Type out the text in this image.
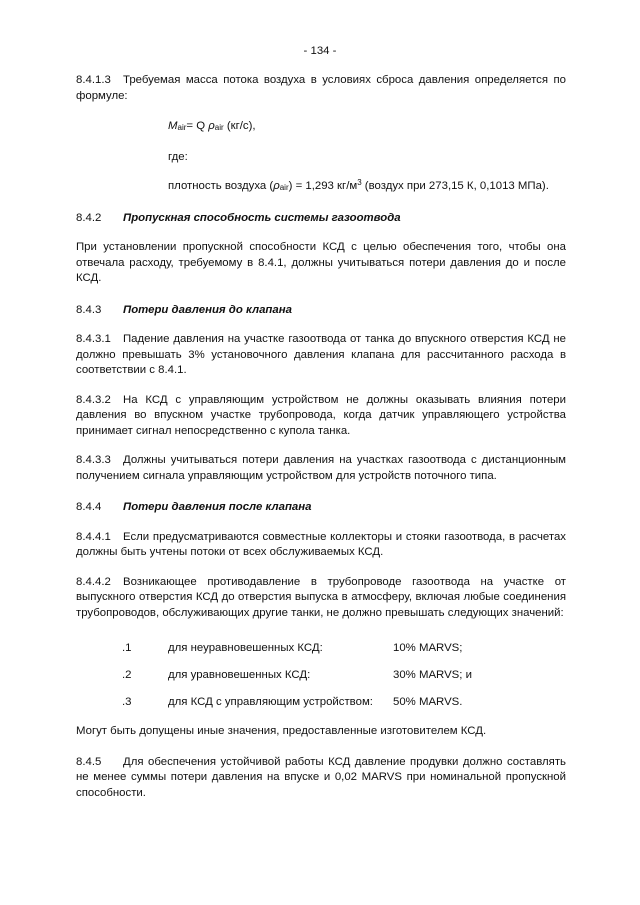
- 134 -

8.4.1.3 Требуемая масса потока воздуха в условиях сброса давления определяется по формуле:

$M_{air}= Q$ $\rho_{air}$ (кг/с),
где:
плотность воздуха $(\rho_{air}) = 1,293$ $кг/м^3$ (воздух при 273,15 К, 0,1013 МПа).

8.4.2 Пропускная способность системы газоотвода

При установлении пропускной способности КСД с целью обеспечения того, чтобы она отвечала расходу, требуемому в 8.4.1, должны учитываться потери давления до и после КСД.

8.4.3 Потери давления до клапана

8.4.3.1 Падение давления на участке газоотвода от танка до впускного отверстия КСД не должно превышать 3% установочного давления клапана для рассчитанного расхода в соответствии с 8.4.1.

8.4.3.2 На КСД с управляющим устройством не должны оказывать влияния потери давления во впускном участке трубопровода, когда датчик управляющего устройства принимает сигнал непосредственно с купола танка.

8.4.3.3 Должны учитываться потери давления на участках газоотвода с дистанционным получением сигнала управляющим устройством для устройств поточного типа.

8.4.4 Потери давления после клапана

8.4.4.1 Если предусматриваются совместные коллекторы и стояки газоотвода, в расчетах должны быть учтены потоки от всех обслуживаемых КСД.

8.4.4.2 Возникающее противодавление в трубопроводе газоотвода на участке от выпускного отверстия КСД до отверстия выпуска в атмосферу, включая любые соединения трубопроводов, обслуживающих другие танки, не должно превышать следующих значений:

.1	для неуравновешенных КСД:	10% MARVS;
.2	для уравновешенных КСД:	30% MARVS; и
.3	для КСД с управляющим устройством: 50% MARVS.

Могут быть допущены иные значения, предоставленные изготовителем КСД.

8.4.5 Для обеспечения устойчивой работы КСД давление продувки должно составлять не менее суммы потери давления на впуске и 0,02 MARVS при номинальной пропускной способности.
